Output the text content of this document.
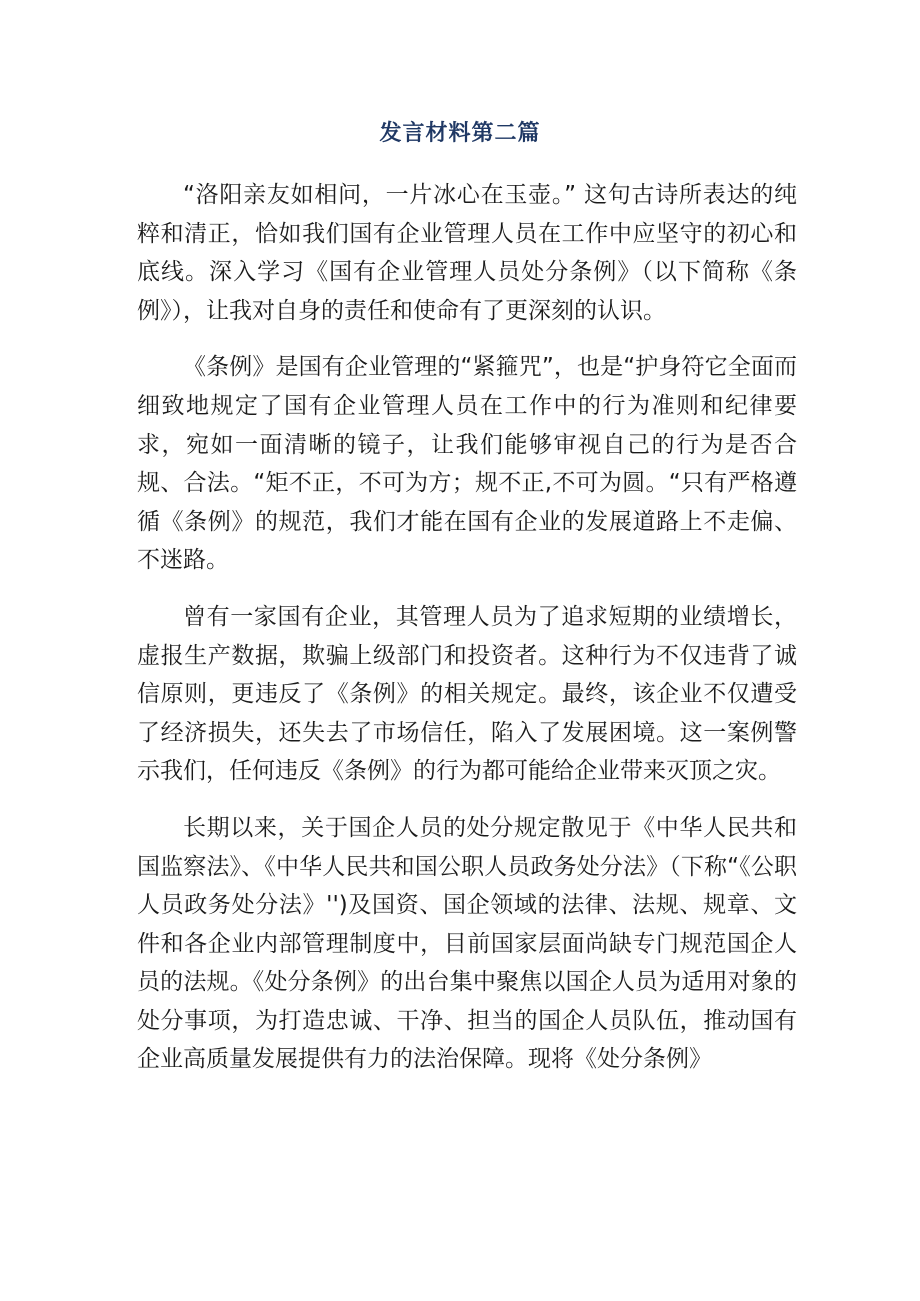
发言材料第二篇

“洛阳亲友如相问，一片冰心在玉壶。” 这句古诗所表达的纯粹和清正，恰如我们国有企业管理人员在工作中应坚守的初心和底线。深入学习《国有企业管理人员处分条例》（以下简称《条例》），让我对自身的责任和使命有了更深刻的认识。

《条例》是国有企业管理的“紧箍咒”，也是“护身符它全面而细致地规定了国有企业管理人员在工作中的行为准则和纪律要求，宛如一面清晰的镜子，让我们能够审视自己的行为是否合规、合法。“矩不正，不可为方；规不正,不可为圆。“只有严格遵循《条例》的规范，我们才能在国有企业的发展道路上不走偏、不迷路。

曾有一家国有企业，其管理人员为了追求短期的业绩增长，虚报生产数据，欺骗上级部门和投资者。这种行为不仅违背了诚信原则，更违反了《条例》的相关规定。最终，该企业不仅遭受了经济损失，还失去了市场信任，陷入了发展困境。这一案例警示我们，任何违反《条例》的行为都可能给企业带来灭顶之灾。

长期以来，关于国企人员的处分规定散见于《中华人民共和国监察法》、《中华人民共和国公职人员政务处分法》（下称“《公职人员政务处分法》'')及国资、国企领域的法律、法规、规章、文件和各企业内部管理制度中，目前国家层面尚缺专门规范国企人员的法规。《处分条例》的出台集中聚焦以国企人员为适用对象的处分事项，为打造忠诚、干净、担当的国企人员队伍，推动国有企业高质量发展提供有力的法治保障。现将《处分条例》
